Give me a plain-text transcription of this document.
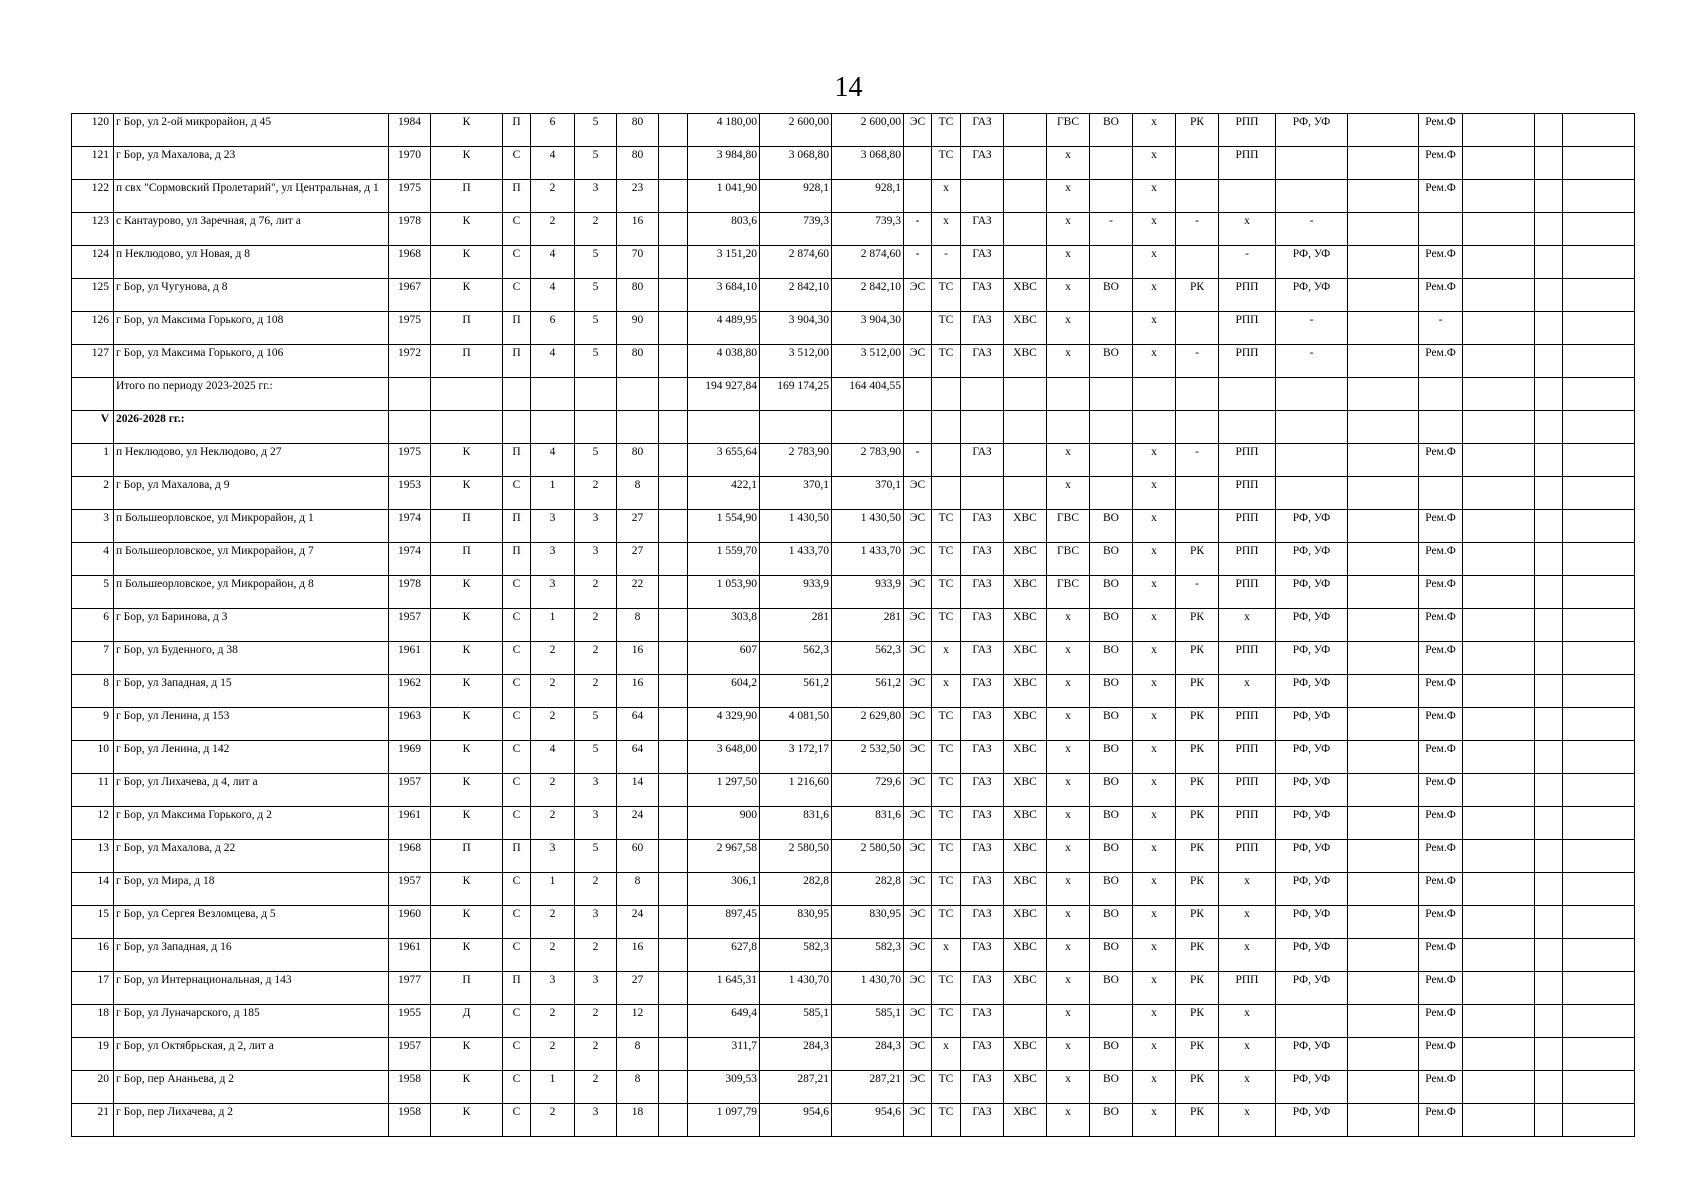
14
120	г Бор, ул 2-ой микрорайон, д 45	1984	К	П	6	5	80		4 180,00	2 600,00	2 600,00	ЭС	ТС	ГАЗ		ГВС	ВО	х	РК	РПП	РФ, УФ		Рем.Ф			
121	г Бор, ул Махалова, д 23	1970	К	С	4	5	80		3 984,80	3 068,80	3 068,80		ТС	ГАЗ		х		х		РПП			Рем.Ф			
122	п свх "Сормовский Пролетарий", ул Центральная, д 1	1975	П	П	2	3	23		1 041,90	928,1	928,1		х			х		х					Рем.Ф			
123	с Кантаурово, ул Заречная, д 76, лит а	1978	К	С	2	2	16		803,6	739,3	739,3	-	х	ГАЗ		х	-	х	-	х	-					
124	п Неклюдово, ул Новая, д 8	1968	К	С	4	5	70		3 151,20	2 874,60	2 874,60	-	-	ГАЗ		х		х		-	РФ, УФ		Рем.Ф			
125	г Бор, ул Чугунова, д 8	1967	К	С	4	5	80		3 684,10	2 842,10	2 842,10	ЭС	ТС	ГАЗ	ХВС	х	ВО	х	РК	РПП	РФ, УФ		Рем.Ф			
126	г Бор, ул Максима Горького, д 108	1975	П	П	6	5	90		4 489,95	3 904,30	3 904,30		ТС	ГАЗ	ХВС	х		х		РПП	-		-			
127	г Бор, ул Максима Горького, д 106	1972	П	П	4	5	80		4 038,80	3 512,00	3 512,00	ЭС	ТС	ГАЗ	ХВС	х	ВО	х	-	РПП	-		Рем.Ф			
	Итого по периоду 2023-2025 гг.:								194 927,84	169 174,25	164 404,55															
V	2026-2028 гг.:																									
1	п Неклюдово, ул Неклюдово, д 27	1975	К	П	4	5	80		3 655,64	2 783,90	2 783,90	-		ГАЗ		х		х	-	РПП			Рем.Ф			
2	г Бор, ул Махалова, д 9	1953	К	С	1	2	8		422,1	370,1	370,1	ЭС				х		х		РПП						
3	п Большеорловское, ул Микрорайон, д 1	1974	П	П	3	3	27		1 554,90	1 430,50	1 430,50	ЭС	ТС	ГАЗ	ХВС	ГВС	ВО	х		РПП	РФ, УФ		Рем.Ф			
4	п Большеорловское, ул Микрорайон, д 7	1974	П	П	3	3	27		1 559,70	1 433,70	1 433,70	ЭС	ТС	ГАЗ	ХВС	ГВС	ВО	х	РК	РПП	РФ, УФ		Рем.Ф			
5	п Большеорловское, ул Микрорайон, д 8	1978	К	С	3	2	22		1 053,90	933,9	933,9	ЭС	ТС	ГАЗ	ХВС	ГВС	ВО	х	-	РПП	РФ, УФ		Рем.Ф			
6	г Бор, ул Баринова, д 3	1957	К	С	1	2	8		303,8	281	281	ЭС	ТС	ГАЗ	ХВС	х	ВО	х	РК	х	РФ, УФ		Рем.Ф			
7	г Бор, ул Буденного, д 38	1961	К	С	2	2	16		607	562,3	562,3	ЭС	х	ГАЗ	ХВС	х	ВО	х	РК	РПП	РФ, УФ		Рем.Ф			
8	г Бор, ул Западная, д 15	1962	К	С	2	2	16		604,2	561,2	561,2	ЭС	х	ГАЗ	ХВС	х	ВО	х	РК	х	РФ, УФ		Рем.Ф			
9	г Бор, ул Ленина, д 153	1963	К	С	2	5	64		4 329,90	4 081,50	2 629,80	ЭС	ТС	ГАЗ	ХВС	х	ВО	х	РК	РПП	РФ, УФ		Рем.Ф			
10	г Бор, ул Ленина, д 142	1969	К	С	4	5	64		3 648,00	3 172,17	2 532,50	ЭС	ТС	ГАЗ	ХВС	х	ВО	х	РК	РПП	РФ, УФ		Рем.Ф			
11	г Бор, ул Лихачева, д 4, лит а	1957	К	С	2	3	14		1 297,50	1 216,60	729,6	ЭС	ТС	ГАЗ	ХВС	х	ВО	х	РК	РПП	РФ, УФ		Рем.Ф			
12	г Бор, ул Максима Горького, д 2	1961	К	С	2	3	24		900	831,6	831,6	ЭС	ТС	ГАЗ	ХВС	х	ВО	х	РК	РПП	РФ, УФ		Рем.Ф			
13	г Бор, ул Махалова, д 22	1968	П	П	3	5	60		2 967,58	2 580,50	2 580,50	ЭС	ТС	ГАЗ	ХВС	х	ВО	х	РК	РПП	РФ, УФ		Рем.Ф			
14	г Бор, ул Мира, д 18	1957	К	С	1	2	8		306,1	282,8	282,8	ЭС	ТС	ГАЗ	ХВС	х	ВО	х	РК	х	РФ, УФ		Рем.Ф			
15	г Бор, ул Сергея Везломцева, д 5	1960	К	С	2	3	24		897,45	830,95	830,95	ЭС	ТС	ГАЗ	ХВС	х	ВО	х	РК	х	РФ, УФ		Рем.Ф			
16	г Бор, ул Западная, д 16	1961	К	С	2	2	16		627,8	582,3	582,3	ЭС	х	ГАЗ	ХВС	х	ВО	х	РК	х	РФ, УФ		Рем.Ф			
17	г Бор, ул Интернациональная, д 143	1977	П	П	3	3	27		1 645,31	1 430,70	1 430,70	ЭС	ТС	ГАЗ	ХВС	х	ВО	х	РК	РПП	РФ, УФ		Рем.Ф			
18	г Бор, ул Луначарского, д 185	1955	Д	С	2	2	12		649,4	585,1	585,1	ЭС	ТС	ГАЗ		х		х	РК	х			Рем.Ф			
19	г Бор, ул Октябрьская, д 2, лит а	1957	К	С	2	2	8		311,7	284,3	284,3	ЭС	х	ГАЗ	ХВС	х	ВО	х	РК	х	РФ, УФ		Рем.Ф			
20	г Бор, пер Ананьева, д 2	1958	К	С	1	2	8		309,53	287,21	287,21	ЭС	ТС	ГАЗ	ХВС	х	ВО	х	РК	х	РФ, УФ		Рем.Ф			
21	г Бор, пер Лихачева, д 2	1958	К	С	2	3	18		1 097,79	954,6	954,6	ЭС	ТС	ГАЗ	ХВС	х	ВО	х	РК	х	РФ, УФ		Рем.Ф			
